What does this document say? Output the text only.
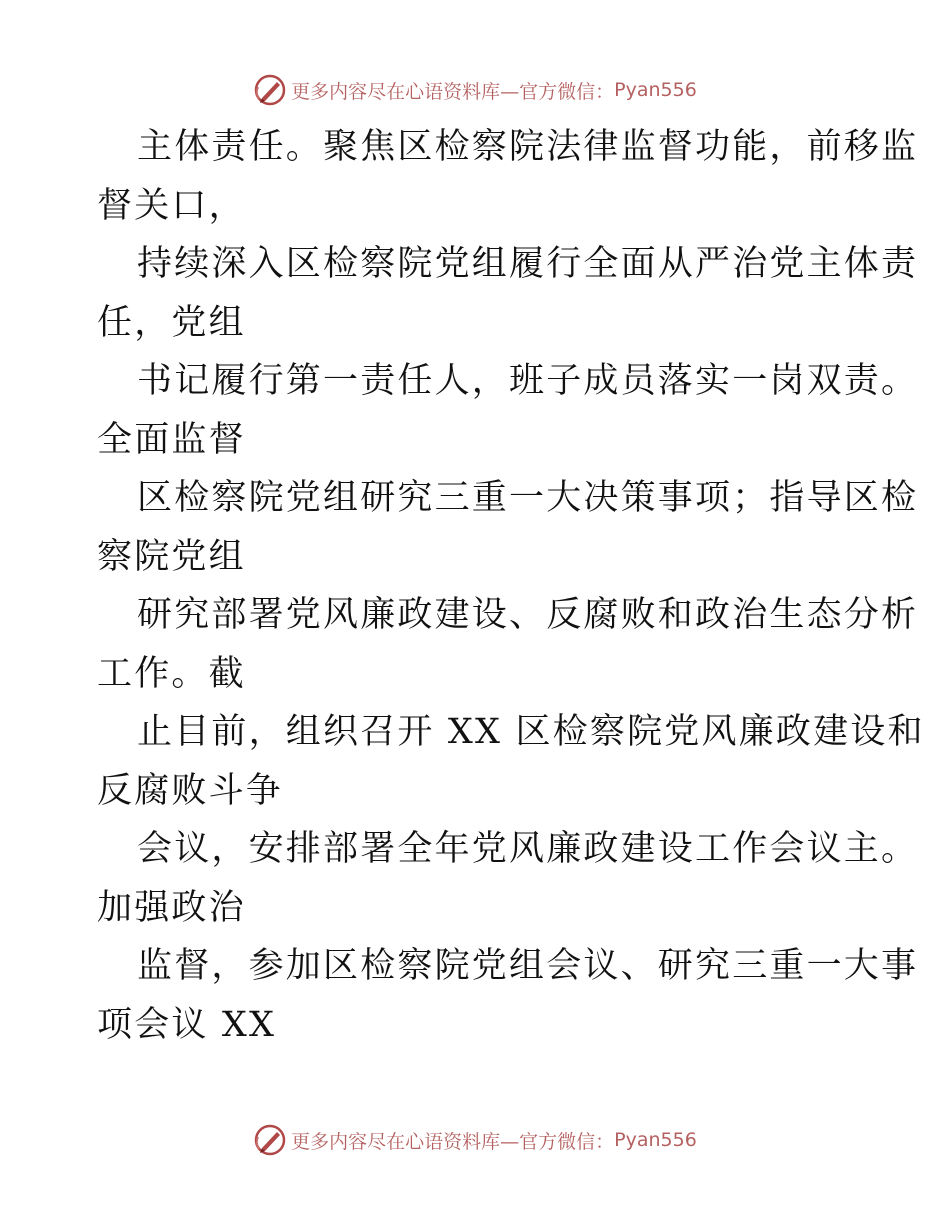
更多内容尽在心语资料库—官方微信： Pyan556
主体责任。聚焦区检察院法律监督功能，前移监
督关口，
持续深入区检察院党组履行全面从严治党主体责
任，党组
书记履行第一责任人，班子成员落实一岗双责。
全面监督
区检察院党组研究三重一大决策事项；指导区检
察院党组
研究部署党风廉政建设、反腐败和政治生态分析
工作。截
止目前，组织召开 XX 区检察院党风廉政建设和
反腐败斗争
会议，安排部署全年党风廉政建设工作会议主。
加强政治
监督，参加区检察院党组会议、研究三重一大事
项会议 XX
更多内容尽在心语资料库—官方微信： Pyan556
